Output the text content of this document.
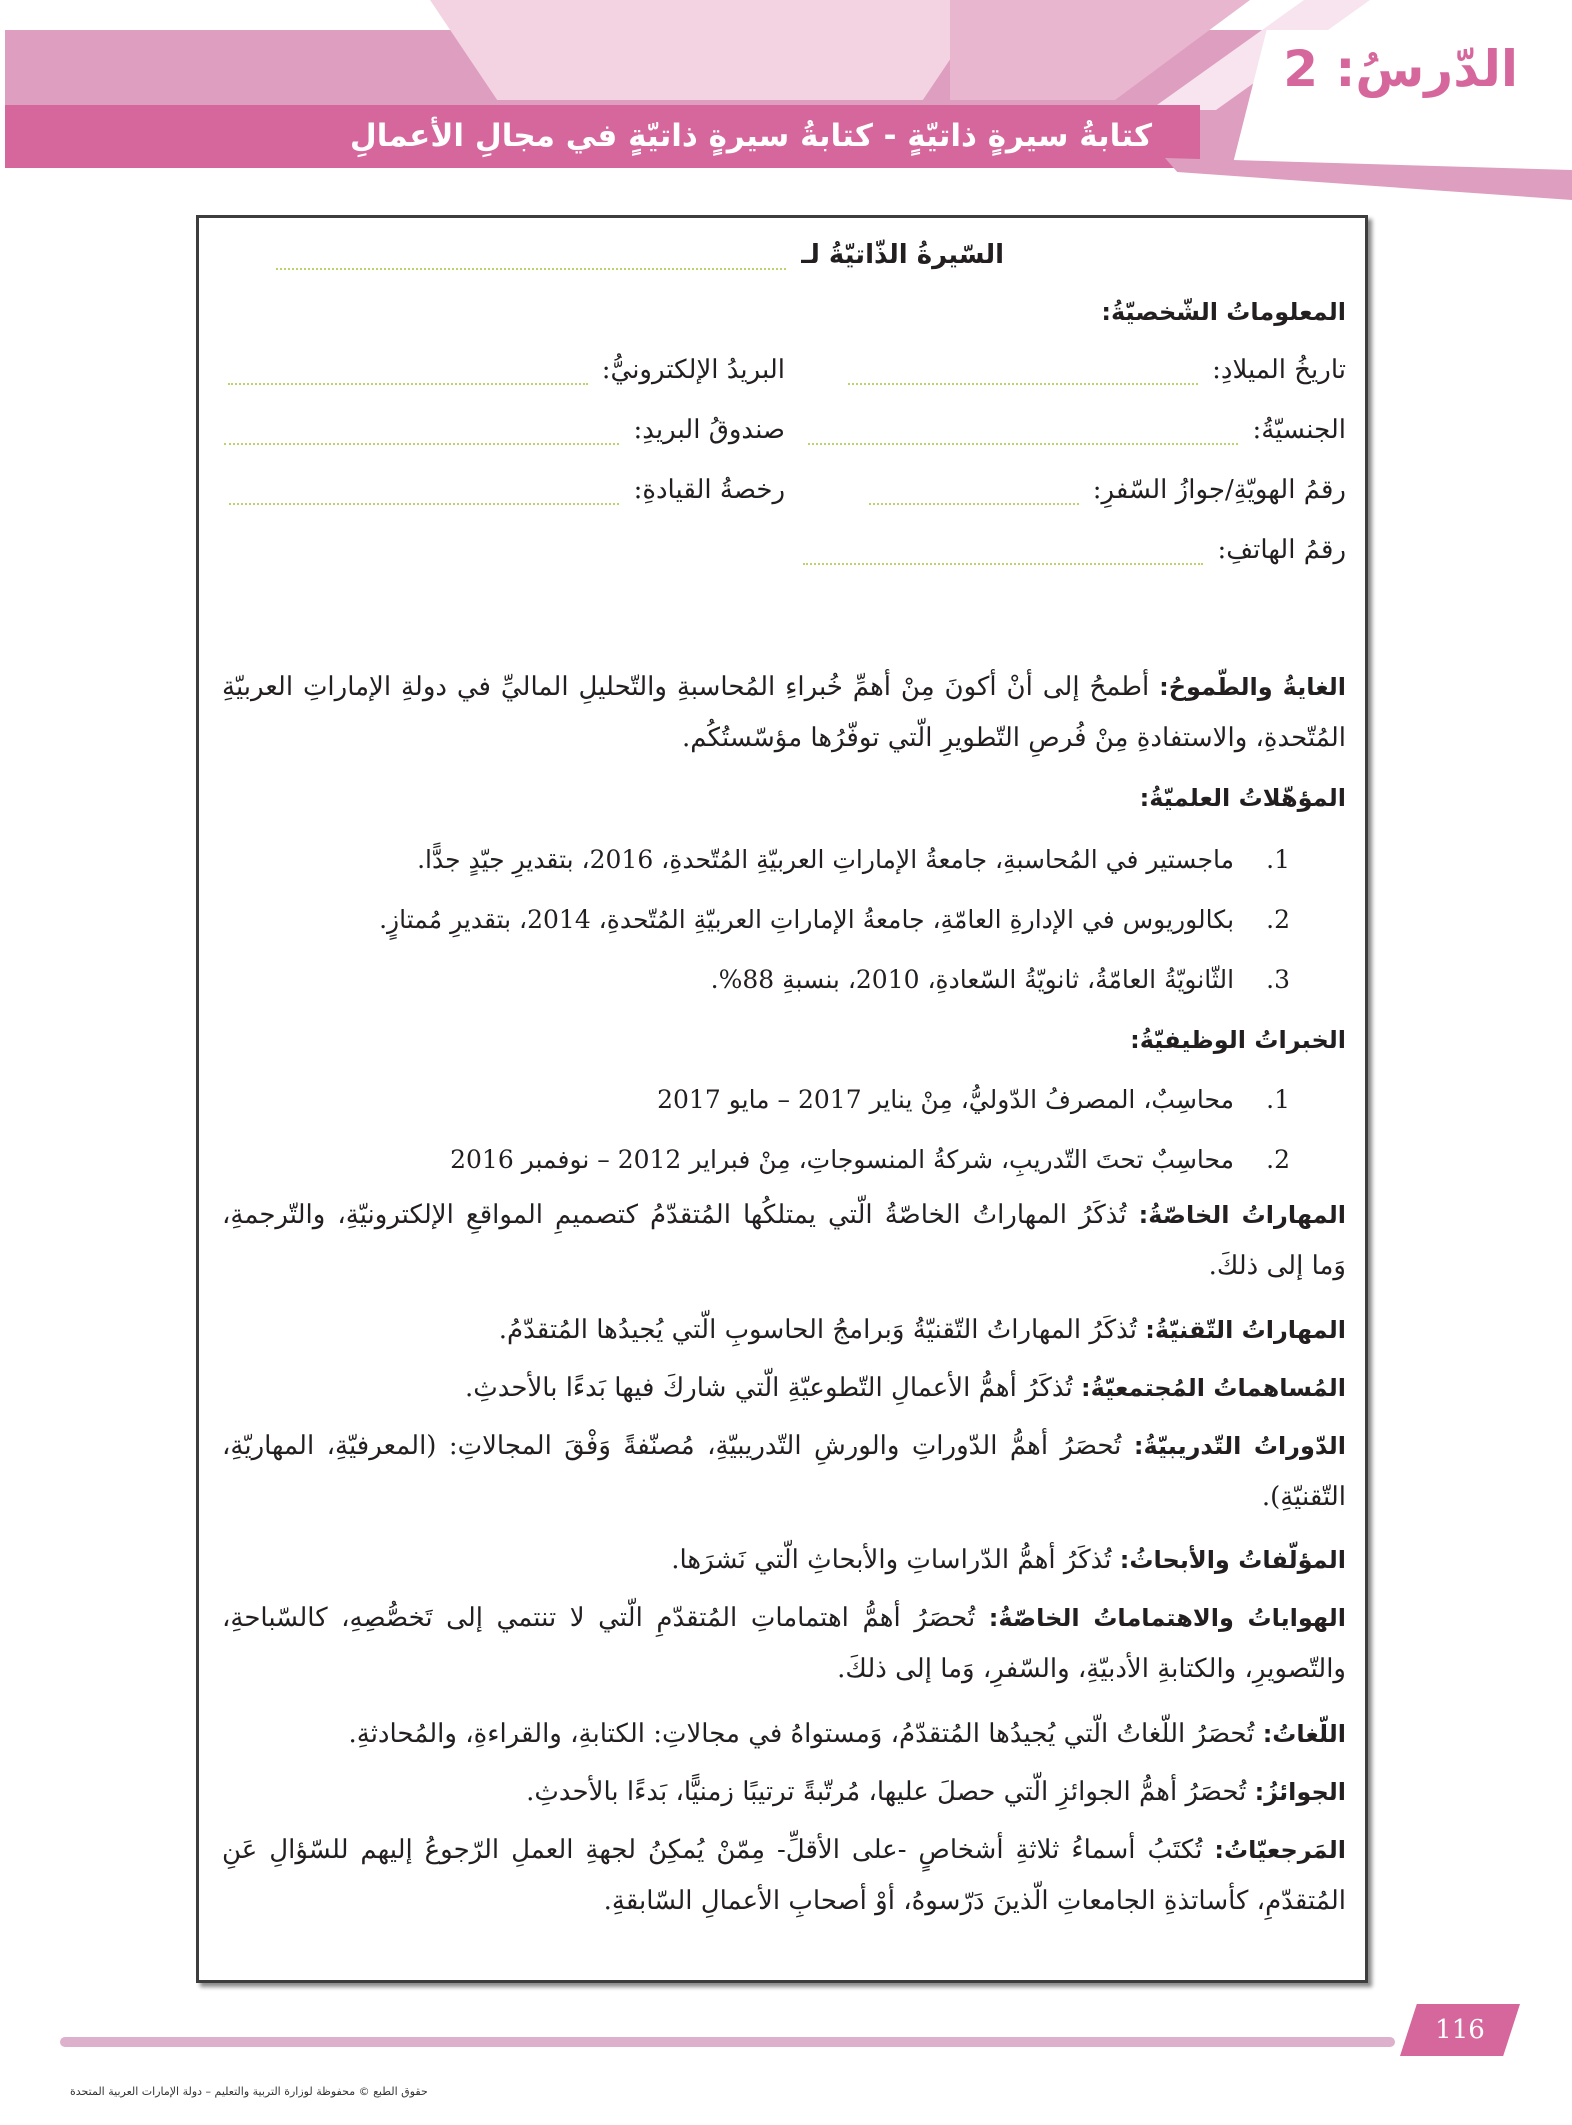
الدّرسُ: 2
كتابةُ سيرةٍ ذاتيّةٍ - كتابةُ سيرةٍ ذاتيّةٍ في مجالِ الأعمالِ
السّيرةُ الذّاتيّةُ لـ
المعلوماتُ الشّخصيّةُ:
تاريخُ الميلادِ:
الجنسيّةُ:
رقمُ الهويّةِ/جوازُ السّفرِ:
رقمُ الهاتفِ:
البريدُ الإلكترونيُّ:
صندوقُ البريدِ:
رخصةُ القيادةِ:
الغايةُ والطّموحُ: أطمحُ إلى أنْ أكونَ مِنْ أهمِّ خُبراءِ المُحاسبةِ والتّحليلِ الماليِّ في دولةِ الإماراتِ العربيّةِ المُتّحدةِ، والاستفادةِ مِنْ فُرصِ التّطويرِ الّتي توفّرُها مؤسّستُكُم.
المؤهّلاتُ العلميّةُ:
1. ماجستير في المُحاسبةِ، جامعةُ الإماراتِ العربيّةِ المُتّحدةِ، 2016، بتقديرِ جيّدٍ جدًّا.
2. بكالوريوس في الإدارةِ العامّةِ، جامعةُ الإماراتِ العربيّةِ المُتّحدةِ، 2014، بتقديرِ مُمتازٍ.
3. الثّانويّةُ العامّةُ، ثانويّةُ السّعادةِ، 2010، بنسبةِ 88%.
الخبراتُ الوظيفيّةُ:
1. محاسِبٌ، المصرفُ الدّوليُّ، مِنْ يناير 2017 – مايو 2017
2. محاسِبٌ تحتَ التّدريبِ، شركةُ المنسوجاتِ، مِنْ فبراير 2012 – نوفمبر 2016
المهاراتُ الخاصّةُ: تُذكَرُ المهاراتُ الخاصّةُ الّتي يمتلكُها المُتقدّمُ كتصميمِ المواقعِ الإلكترونيّةِ، والتّرجمةِ، وَما إلى ذلكَ.
المهاراتُ التّقنيّةُ: تُذكَرُ المهاراتُ التّقنيّةُ وَبرامجُ الحاسوبِ الّتي يُجيدُها المُتقدّمُ.
المُساهماتُ المُجتمعيّةُ: تُذكَرُ أهمُّ الأعمالِ التّطوعيّةِ الّتي شاركَ فيها بَدءًا بالأحدثِ.
الدّوراتُ التّدريبيّةُ: تُحصَرُ أهمُّ الدّوراتِ والورشِ التّدريبيّةِ، مُصنّفةً وَفْقَ المجالاتِ: (المعرفيّةِ، المهاريّةِ، التّقنيّةِ).
المؤلّفاتُ والأبحاثُ: تُذكَرُ أهمُّ الدّراساتِ والأبحاثِ الّتي نَشرَها.
الهواياتُ والاهتماماتُ الخاصّةُ: تُحصَرُ أهمُّ اهتماماتِ المُتقدّمِ الّتي لا تنتمي إلى تَخصُّصِهِ، كالسّباحةِ، والتّصويرِ، والكتابةِ الأدبيّةِ، والسّفرِ، وَما إلى ذلكَ.
اللّغاتُ: تُحصَرُ اللّغاتُ الّتي يُجيدُها المُتقدّمُ، وَمستواهُ في مجالاتِ: الكتابةِ، والقراءةِ، والمُحادثةِ.
الجوائزُ: تُحصَرُ أهمُّ الجوائزِ الّتي حصلَ عليها، مُرتّبةً ترتيبًا زمنيًّا، بَدءًا بالأحدثِ.
المَرجعيّاتُ: تُكتَبُ أسماءُ ثلاثةِ أشخاصٍ -على الأقلِّ- مِمّنْ يُمكِنُ لجهةِ العملِ الرّجوعُ إليهم للسّؤالِ عَنِ المُتقدّمِ، كأساتذةِ الجامعاتِ الّذينَ دَرّسوهُ، أوْ أصحابِ الأعمالِ السّابقةِ.
116
حقوق الطبع © محفوظة لوزارة التربية والتعليم – دولة الإمارات العربية المتحدة
